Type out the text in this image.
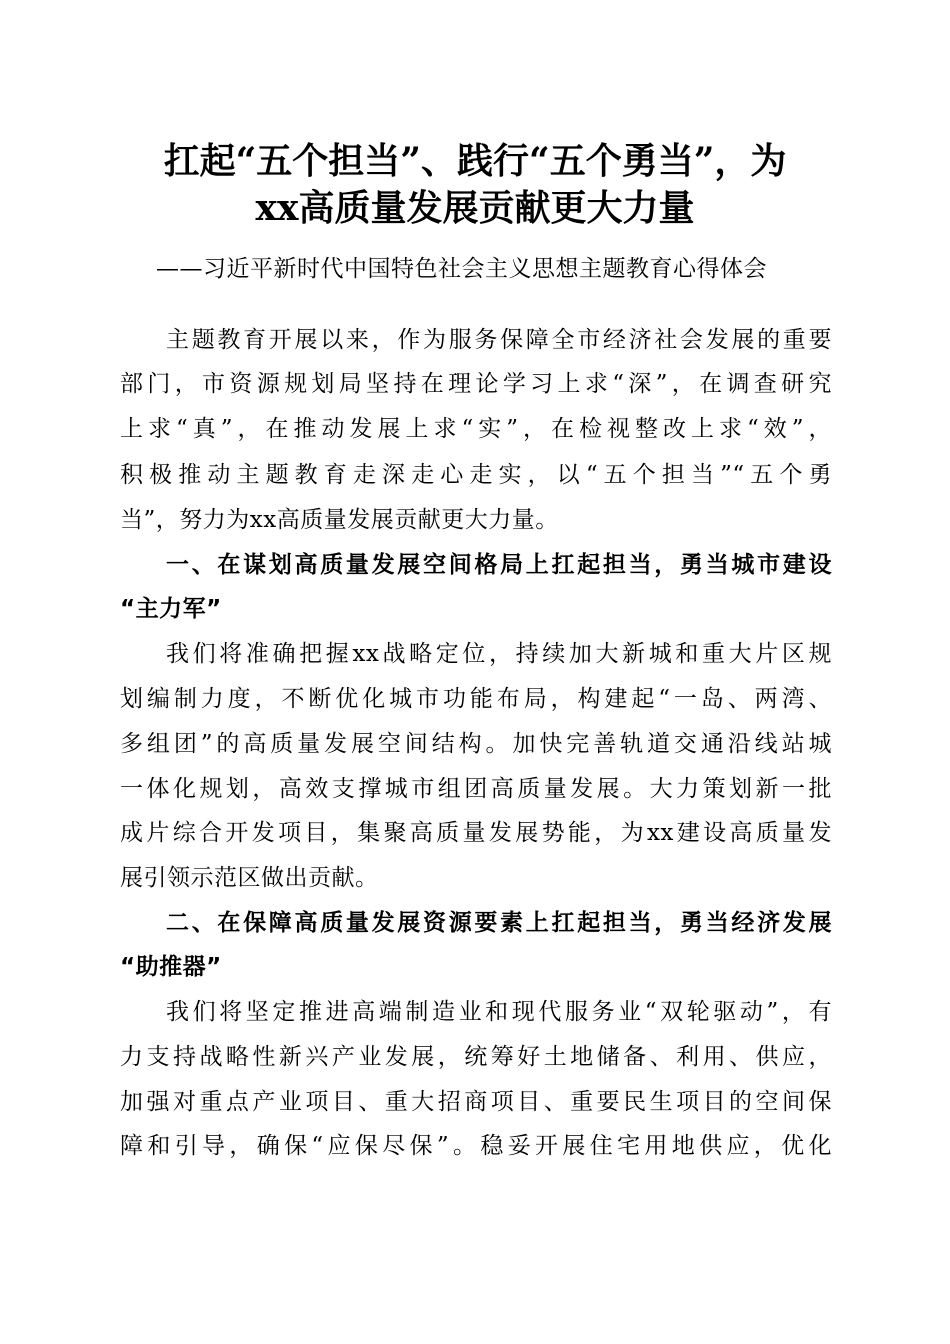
扛起“五个担当”、践行“五个勇当”，为
xx高质量发展贡献更大力量
——习近平新时代中国特色社会主义思想主题教育心得体会
主题教育开展以来，作为服务保障全市经济社会发展的重要
部门，市资源规划局坚持在理论学习上求“深”，在调查研究
上求“真”，在推动发展上求“实”，在检视整改上求“效”，
积极推动主题教育走深走心走实，以“五个担当”“五个勇
当”，努力为xx高质量发展贡献更大力量。
一、在谋划高质量发展空间格局上扛起担当，勇当城市建设
“主力军”
我们将准确把握xx战略定位，持续加大新城和重大片区规
划编制力度，不断优化城市功能布局，构建起“一岛、两湾、
多组团”的高质量发展空间结构。加快完善轨道交通沿线站城
一体化规划，高效支撑城市组团高质量发展。大力策划新一批
成片综合开发项目，集聚高质量发展势能，为xx建设高质量发
展引领示范区做出贡献。
二、在保障高质量发展资源要素上扛起担当，勇当经济发展
“助推器”
我们将坚定推进高端制造业和现代服务业“双轮驱动”，有
力支持战略性新兴产业发展，统筹好土地储备、利用、供应，
加强对重点产业项目、重大招商项目、重要民生项目的空间保
障和引导，确保“应保尽保”。稳妥开展住宅用地供应，优化
